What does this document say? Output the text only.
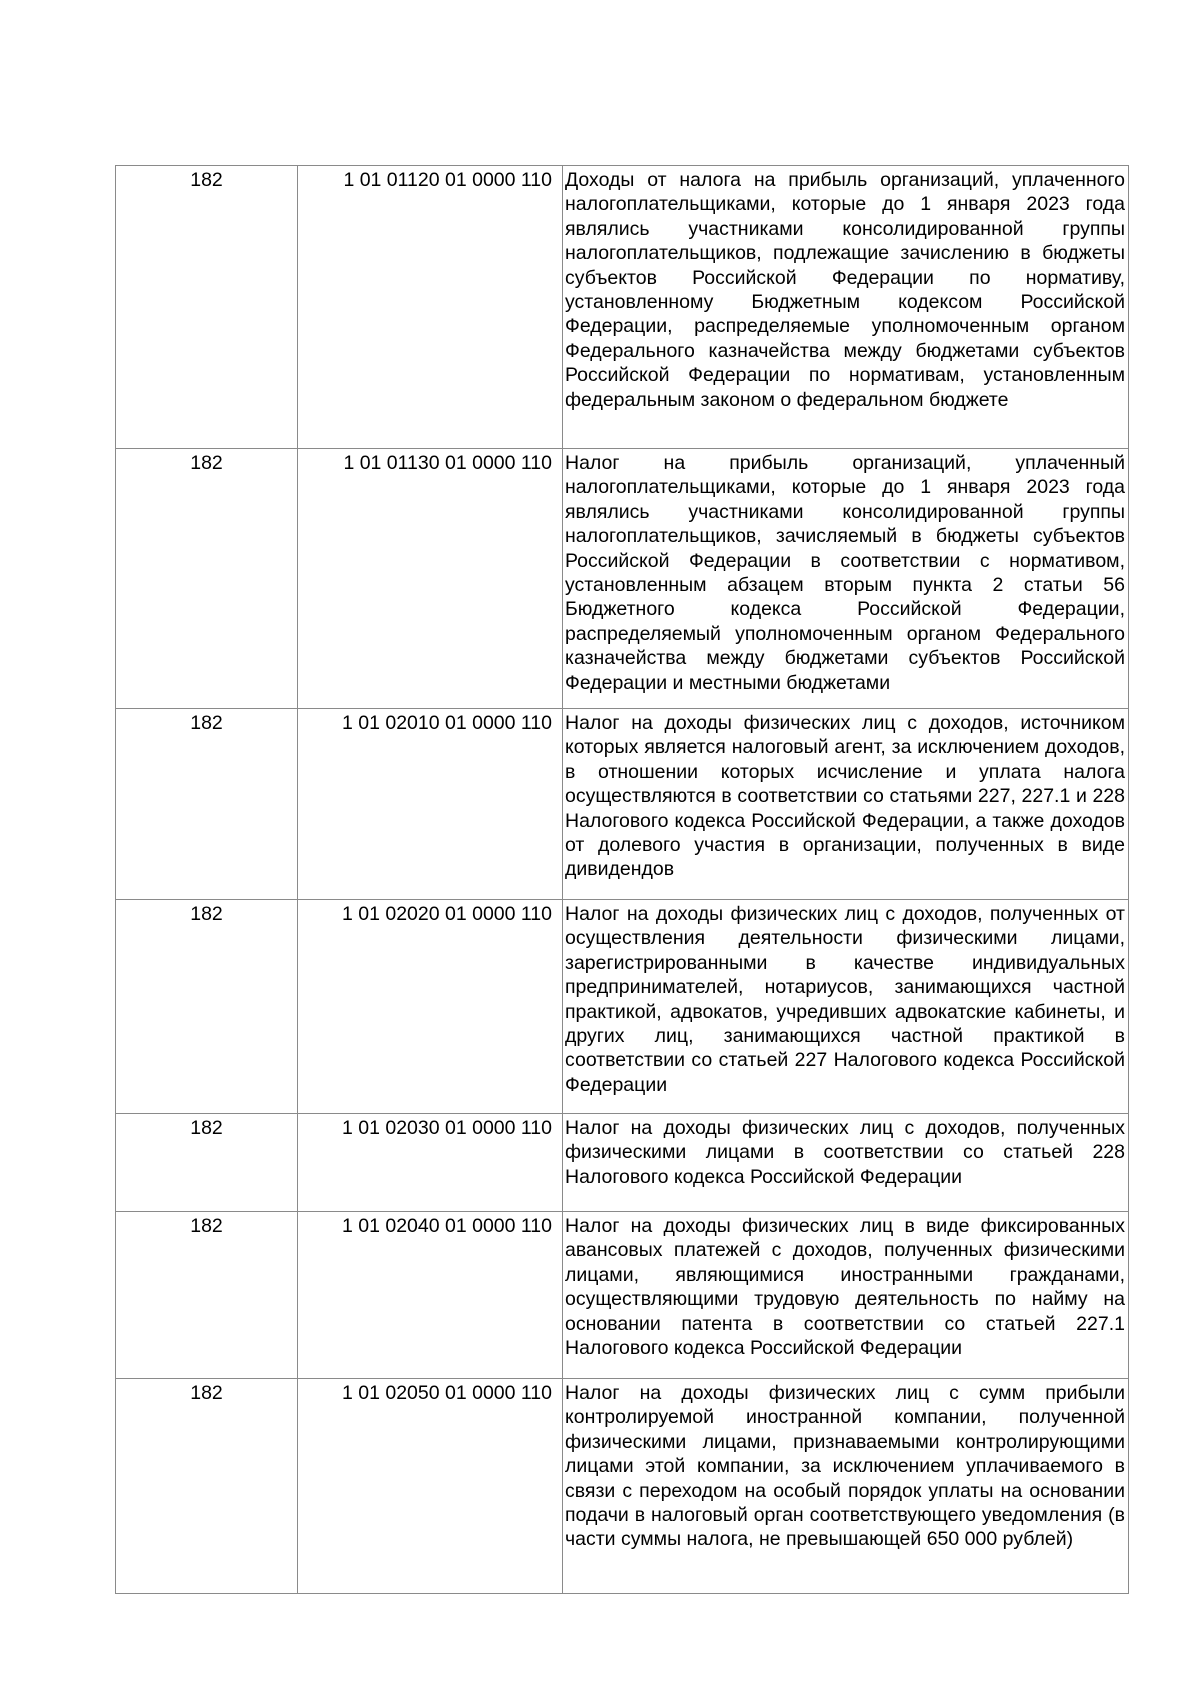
182	1 01 01120 01 0000 110	Доходы от налога на прибыль организаций, уплаченного налогоплательщиками, которые до 1 января 2023 года являлись участниками консолидированной группы налогоплательщиков, подлежащие зачислению в бюджеты субъектов Российской Федерации по нормативу, установленному Бюджетным кодексом Российской Федерации, распределяемые уполномоченным органом Федерального казначейства между бюджетами субъектов Российской Федерации по нормативам, установленным федеральным законом о федеральном бюджете

182	1 01 01130 01 0000 110	Налог на прибыль организаций, уплаченный налогоплательщиками, которые до 1 января 2023 года являлись участниками консолидированной группы налогоплательщиков, зачисляемый в бюджеты субъектов Российской Федерации в соответствии с нормативом, установленным абзацем вторым пункта 2 статьи 56 Бюджетного кодекса Российской Федерации, распределяемый уполномоченным органом Федерального казначейства между бюджетами субъектов Российской Федерации и местными бюджетами

182	1 01 02010 01 0000 110	Налог на доходы физических лиц с доходов, источником которых является налоговый агент, за исключением доходов, в отношении которых исчисление и уплата налога осуществляются в соответствии со статьями 227, 227.1 и 228 Налогового кодекса Российской Федерации, а также доходов от долевого участия в организации, полученных в виде дивидендов

182	1 01 02020 01 0000 110	Налог на доходы физических лиц с доходов, полученных от осуществления деятельности физическими лицами, зарегистрированными в качестве индивидуальных предпринимателей, нотариусов, занимающихся частной практикой, адвокатов, учредивших адвокатские кабинеты, и других лиц, занимающихся частной практикой в соответствии со статьей 227 Налогового кодекса Российской Федерации

182	1 01 02030 01 0000 110	Налог на доходы физических лиц с доходов, полученных физическими лицами в соответствии со статьей 228 Налогового кодекса Российской Федерации

182	1 01 02040 01 0000 110	Налог на доходы физических лиц в виде фиксированных авансовых платежей с доходов, полученных физическими лицами, являющимися иностранными гражданами, осуществляющими трудовую деятельность по найму на основании патента в соответствии со статьей 227.1 Налогового кодекса Российской Федерации

182	1 01 02050 01 0000 110	Налог на доходы физических лиц с сумм прибыли контролируемой иностранной компании, полученной физическими лицами, признаваемыми контролирующими лицами этой компании, за исключением уплачиваемого в связи с переходом на особый порядок уплаты на основании подачи в налоговый орган соответствующего уведомления (в части суммы налога, не превышающей 650 000 рублей)
